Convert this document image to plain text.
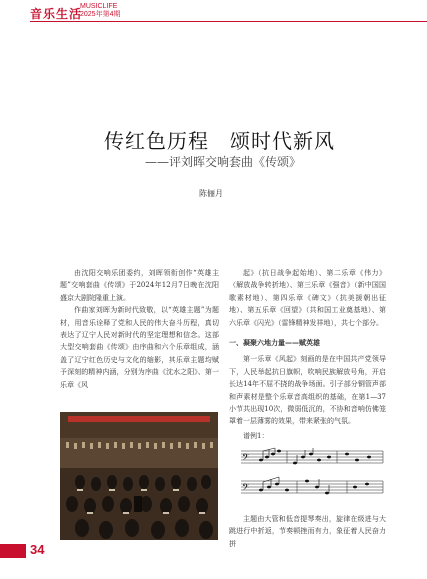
音乐生活
MUSICLIFE
2025年第4期
传红色历程　颂时代新风
——评刘晖交响套曲《传颂》
陈俪月

由沈阳交响乐团委约，刘晖领衔创作“英雄主题”交响套曲《传颂》于2024年12月7日晚在沈阳盛京大剧院隆重上演。

作曲家刘晖为新时代致敬，以“英雄主题”为题材，用音乐诠释了党和人民的伟大奋斗历程，真切表达了辽宁人民对新时代的坚定理想和信念。这部大型交响套曲《传颂》由序曲和六个乐章组成，涵盖了辽宁红色历史与文化的缩影，其乐章主题均赋予深刻的精神内涵，分别为序曲《沈水之阳》、第一乐章《风

起》（抗日战争起始地）、第二乐章《伟力》（解放战争转折地）、第三乐章《强音》（新中国国歌素材地）、第四乐章《碑文》（抗美援朝出征地）、第五乐章《回望》（共和国工业奠基地）、第六乐章《闪光》（雷锋精神发祥地），共七个部分。

一、凝聚六地力量——赋英雄

第一乐章《风起》刻画的是在中国共产党领导下，人民举起抗日旗帜，吹响民族解放号角，开启长达14年不屈不挠的战争场面。引子部分铜管声部和声素材是整个乐章音高组织的基础，在第1—37小节共出现10次，微弱低沉的，不协和音响仿佛笼罩着一层薄雾的效果，带来紧张的气氛。

谱例1：

𝄢
𝄢

主题由大管和低音提琴奏出，旋律在级进与大跳进行中折返，节奏顿挫而有力，象征着人民奋力拼

34
